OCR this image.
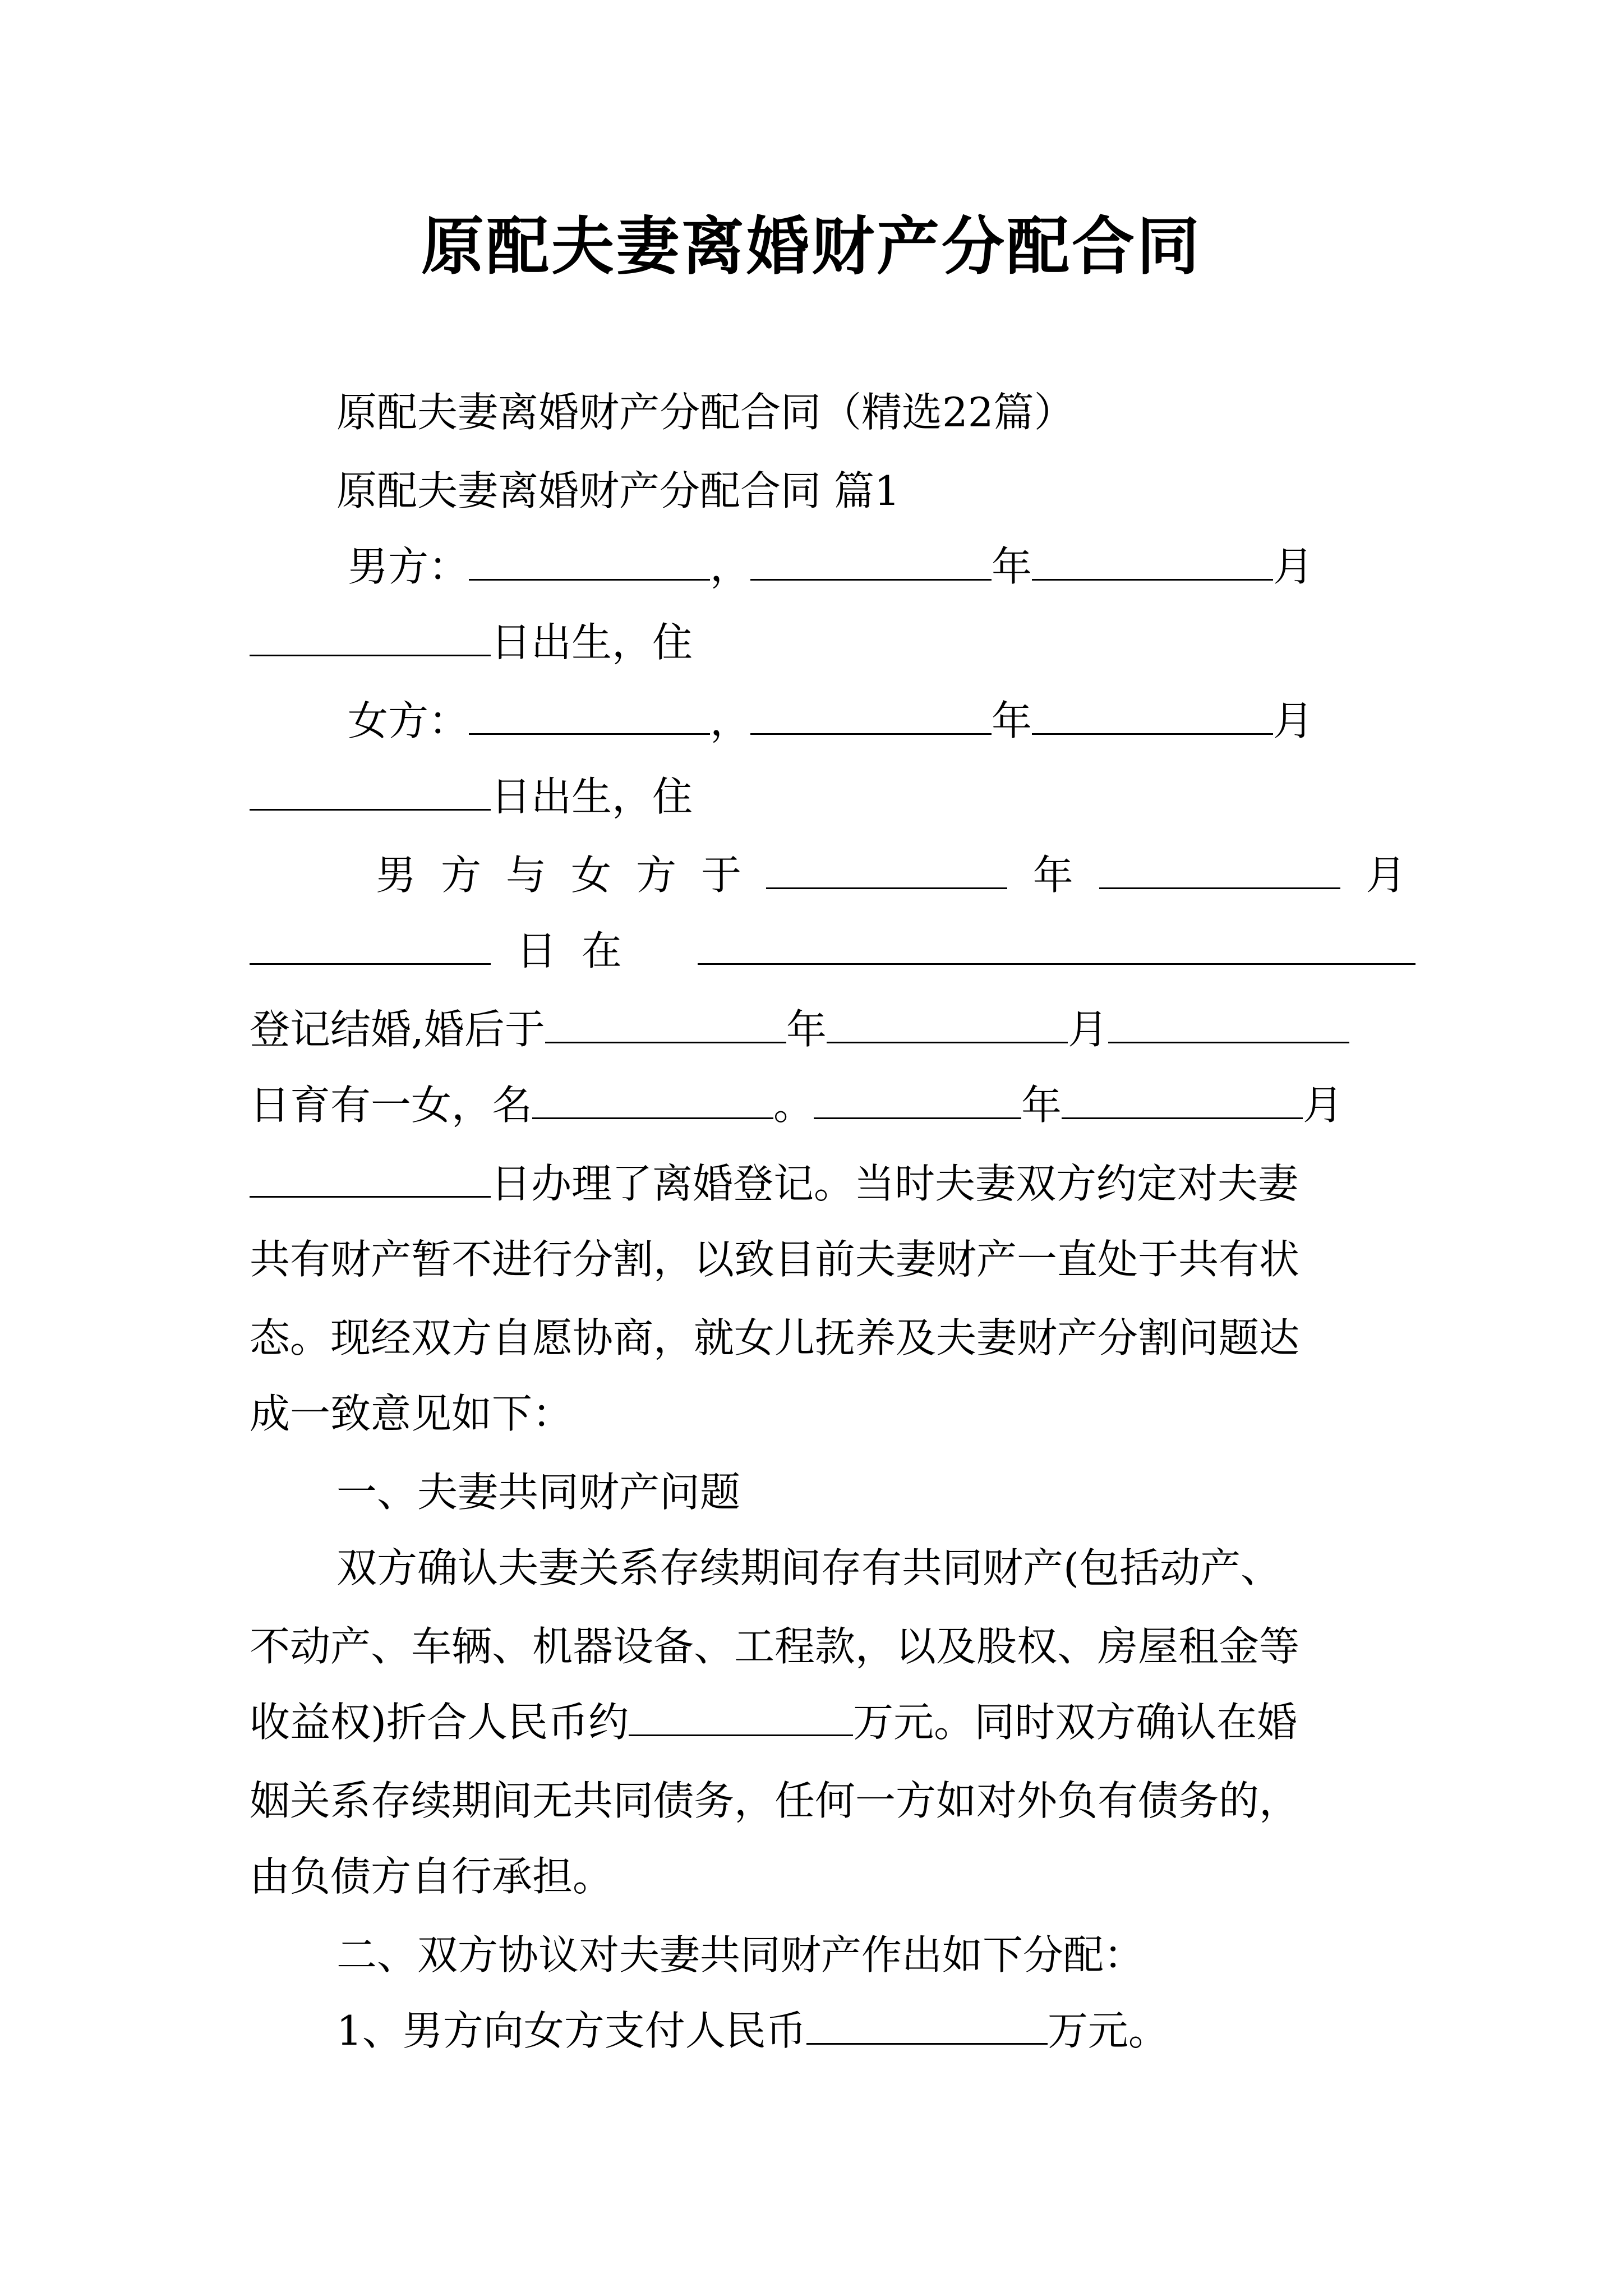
原配夫妻离婚财产分配合同
原配夫妻离婚财产分配合同（精选22篇）
原配夫妻离婚财产分配合同 篇1
男方：	，	年	月
日出生，住
女方：	，	年	月
日出生，住
男方与女方于	年	月
日在
登记结婚,婚后于	年	月
日育有一女，名	。	年	月
日办理了离婚登记。当时夫妻双方约定对夫妻
共有财产暂不进行分割，以致目前夫妻财产一直处于共有状
态。现经双方自愿协商，就女儿抚养及夫妻财产分割问题达
成一致意见如下：
一、夫妻共同财产问题
双方确认夫妻关系存续期间存有共同财产(包括动产、
不动产、车辆、机器设备、工程款，以及股权、房屋租金等
收益权)折合人民币约	万元。同时双方确认在婚
姻关系存续期间无共同债务，任何一方如对外负有债务的，
由负债方自行承担。
二、双方协议对夫妻共同财产作出如下分配：
1、男方向女方支付人民币	万元。
